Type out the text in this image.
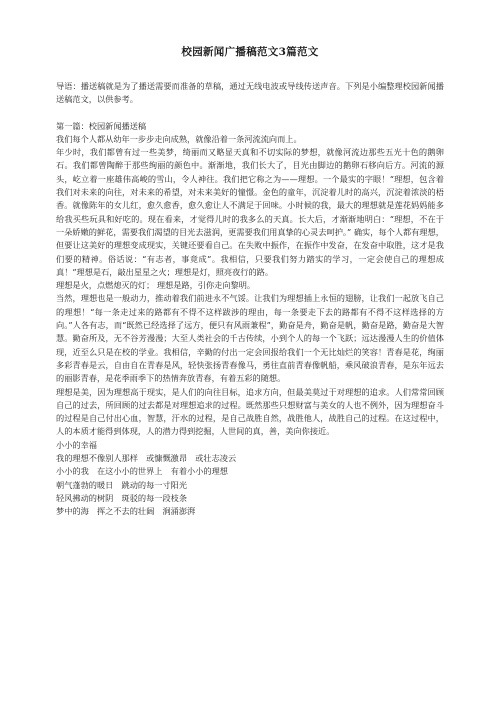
校园新闻广播稿范文3篇范文

导语：播送稿就是为了播送需要而准备的草稿，通过无线电波或导线传送声音。下列是小编整理校园新闻播送稿范文，以供参考。

第一篇：校园新闻播送稿

我们每个人都从幼年一步步走向成熟，就像沿着一条河流流向而上。

年少时，我们都曾有过一些美梦，绮丽而又略显天真和不切实际的梦想，就像河流边那些五光十色的鹅卵石。我们都曾陶醉于那些绚丽的颜色中。渐渐地，我们长大了，目光由脚边的鹅卵石移向后方。河流的源头，屹立着一座雄伟高峻的雪山，令人神往。我们把它称之为——理想。一个最实的字眼！“理想，包含着我们对未来的向往，对未来的希望，对未来美好的憧憬。金色的童年，沉淀着儿时的高兴，沉淀着浓淡的梧香。就像陈年的女儿红，愈久愈香，愈久愈让人不满足于回味。小时候的我，最大的理想就是莲花妈妈能多给我买些玩具和好吃的。现在看来，才觉得儿时的我多么的天真。长大后，才渐渐地明白：“理想，不在于一朵娇嫩的鲜花，需要我们渴望的目光去滋润，更需要我们用真挚的心灵去呵护。” 确实，每个人都有理想，但要让这美好的理想变成现实，关键还要看自己。在失败中振作，在振作中发奋，在发奋中取胜，这才是我们要的精神。俗话说：“有志者，事竟成”。我相信，只要我们努力踏实的学习，一定会使自己的理想成真！”理想是石，敲出星星之火；理想是灯，照亮夜行的路。

理想是火，点燃熄灭的灯； 理想是路，引你走向黎明。

当然，理想也是一般动力，推动着我们前进永不气馁。让我们为理想插上永恒的翅膀，让我们一起放飞自己的理想！“每一条走过来的路都有不得不这样跋涉的理由，每一条要走下去的路都有不得不这样选择的方向。”人各有志，而“既然已经选择了远方，便只有风雨兼程”，勤奋是舟，勤奋是帆，勤奋是路，勤奋是大智慧。勤奋所及，无不谷芳漫漫；大至人类社会的千古传续，小到个人的每一个飞跃；远达漫漫人生的价值体现，近至么只是在校的学业。我相信，辛勤的付出一定会回报给我们一个无比灿烂的笑容！青春是花，绚丽多彩青春是云，自由自在青春是风，轻快张扬青春像马，勇往直前青春像帆船，乘风破浪青春，是东年远去的丽影青春，是花季雨季下的热情奔放青春，有着五彩的随想。

理想是美，因为理想高于现实，是人们的向往目标，追求方向，但最美莫过于对理想的追求。人们常常回顾自己的过去，所回顾的过去都是对理想追求的过程。既然那些只想财富与美女的人也不例外，因为理想奋斗的过程是自己付出心血，智慧，汗水的过程，是自己战胜自然，战胜他人，战胜自己的过程。在这过程中，人的本质才能得到体现，人的潜力得到挖掘，人世间的真，善，美向你接近。

小小的幸福

我的理想不像别人那样　或慷慨激昂　或壮志凌云

小小的我　在这小小的世界上　有着小小的理想

朝气蓬勃的暖日　跳动的每一寸阳光

轻风拂动的树阴　斑驳的每一段枝条

梦中的海　挥之不去的壮阔　涧涌澎湃
